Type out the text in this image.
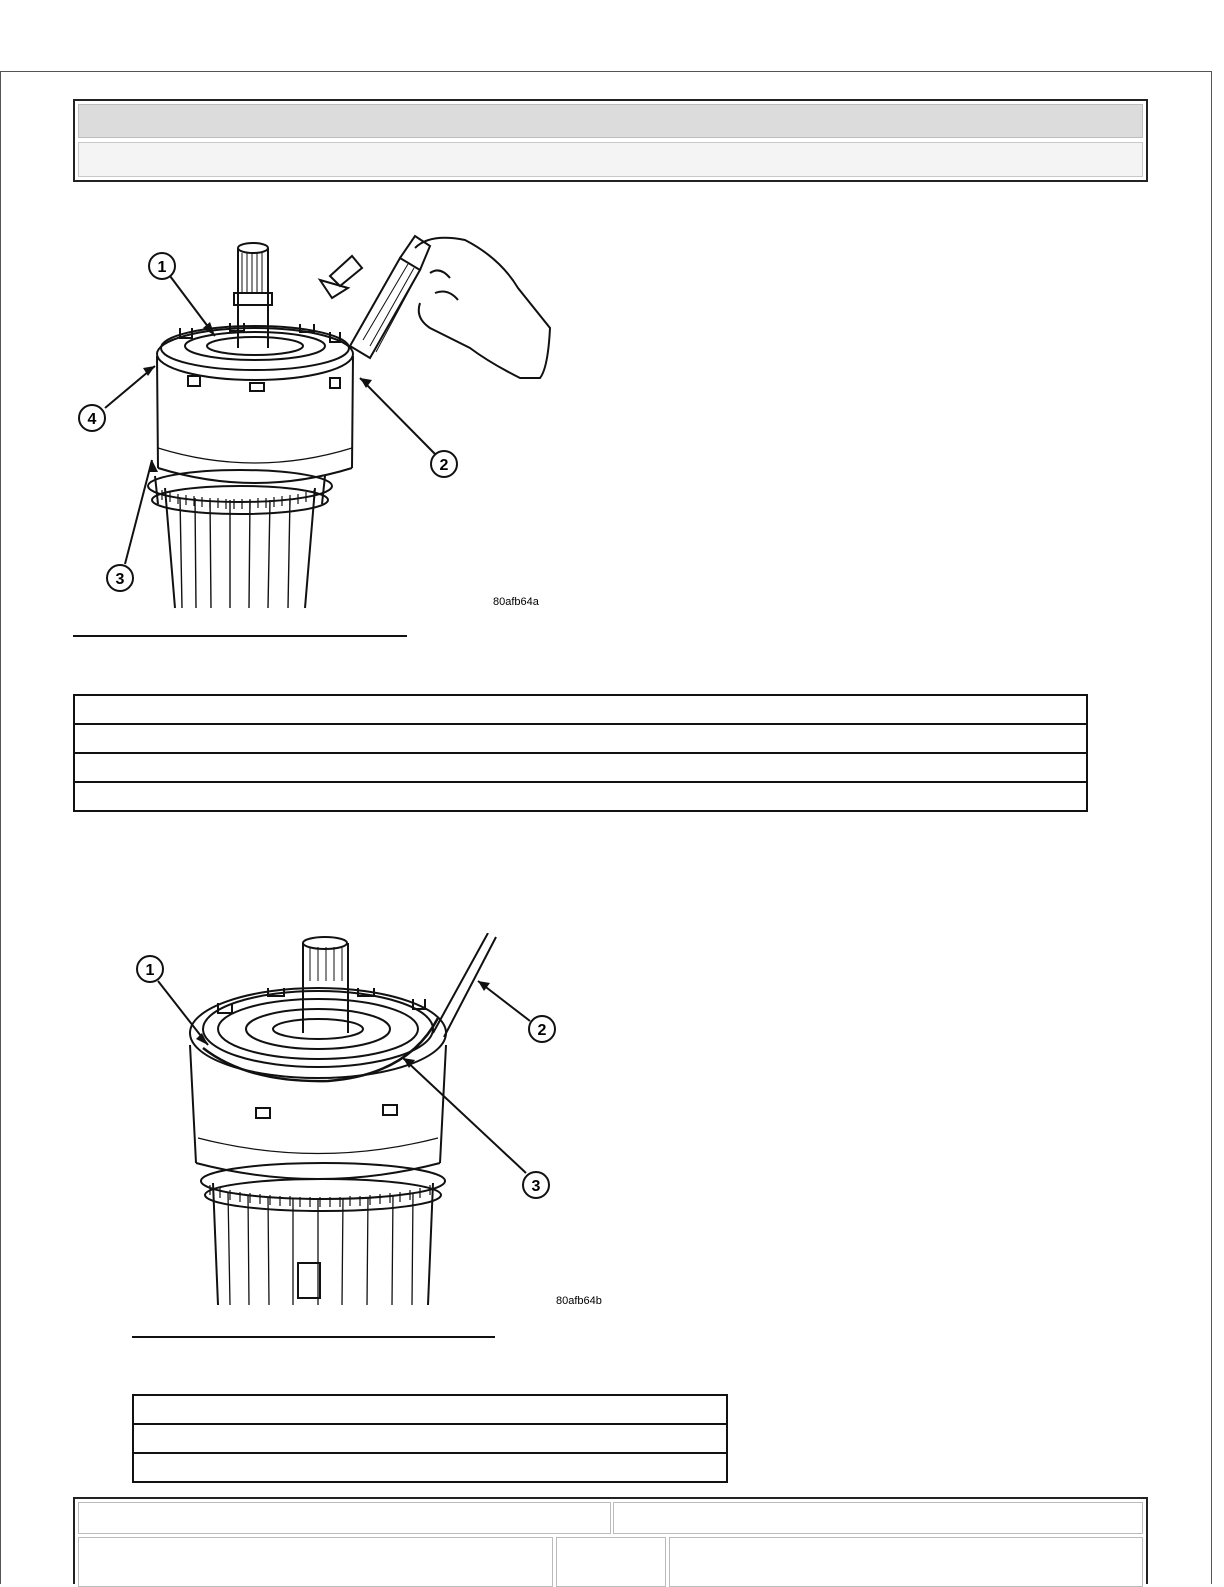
1
2
3
4
80afb64a

1
2
3
80afb64b
